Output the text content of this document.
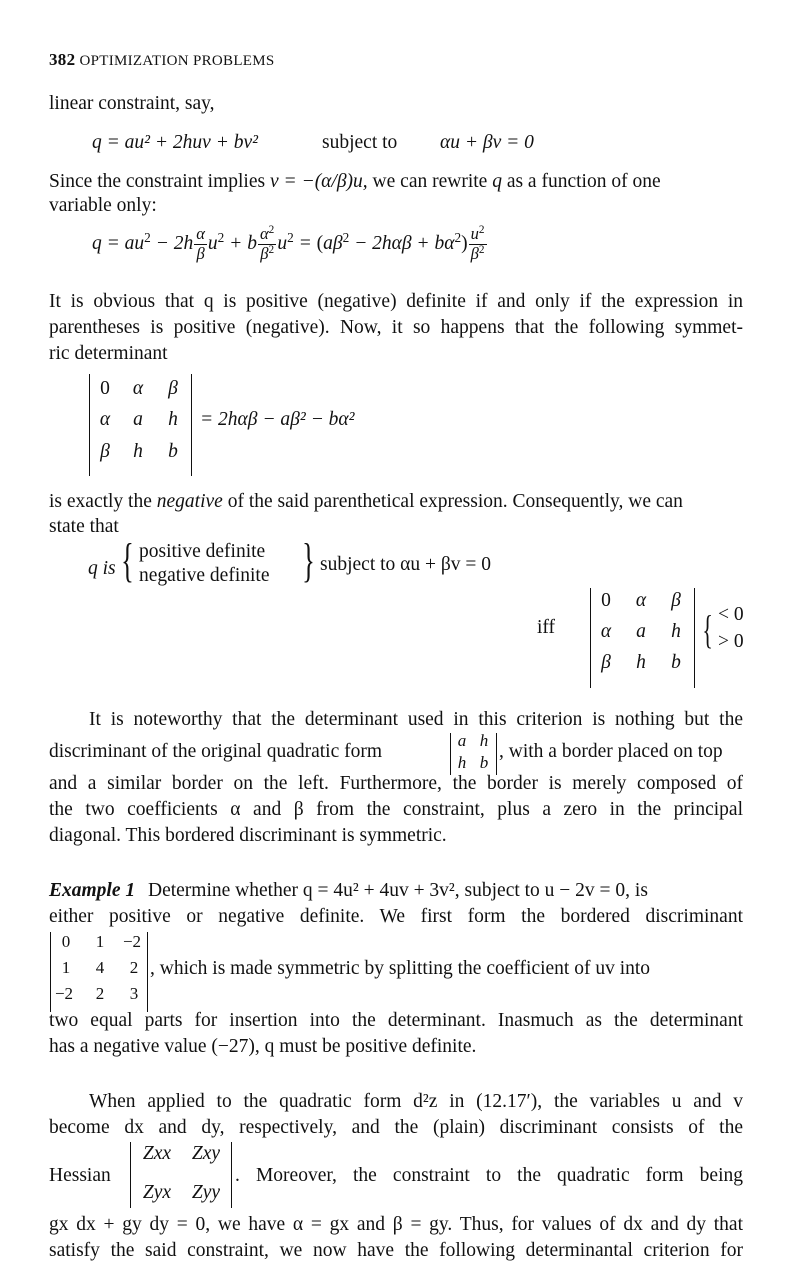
382 OPTIMIZATION PROBLEMS
linear constraint, say,
q = au² + 2huv + bv²	subject to αu + βv = 0
Since the constraint implies v = −(α/β)u, we can rewrite q as a function of one
variable only:
$q = au^2 - 2h \frac{\alpha}{\beta} u^2 + b \frac{\alpha^2}{\beta^2} u^2 = (a\beta^2 - 2h\alpha\beta + b\alpha^2) \frac{u^2}{\beta^2}$
It is obvious that q is positive (negative) definite if and only if the expression in
parentheses is positive (negative). Now, it so happens that the following symmet-
ric determinant
0 α β
α a h
β h b
= 2hαβ − aβ² − bα²
is exactly the negative of the said parenthetical expression. Consequently, we can
state that
q is { positive definite
negative definite } subject to αu + βv = 0
iff
0 α β
α a h
β h b
{ < 0
> 0
It is noteworthy that the determinant used in this criterion is nothing but the
discriminant of the original quadratic form
a h
h b
, with a border placed on top
and a similar border on the left. Furthermore, the border is merely composed of
the two coefficients α and β from the constraint, plus a zero in the principal
diagonal. This bordered discriminant is symmetric.
Example 1 Determine whether q = 4u² + 4uv + 3v², subject to u − 2v = 0, is
either positive or negative definite. We first form the bordered discriminant
0	1	−2
1	4	2
−2	2	3
, which is made symmetric by splitting the coefficient of uv into
two equal parts for insertion into the determinant. Inasmuch as the determinant
has a negative value (−27), q must be positive definite.
When applied to the quadratic form d²z in (12.17′), the variables u and v
become dx and dy, respectively, and the (plain) discriminant consists of the
Hessian
Zxx	Zxy
Zyx	Zyy
. Moreover, the constraint to the quadratic form being
gx dx + gy dy = 0, we have α = gx and β = gy. Thus, for values of dx and dy that
satisfy the said constraint, we now have the following determinantal criterion for
